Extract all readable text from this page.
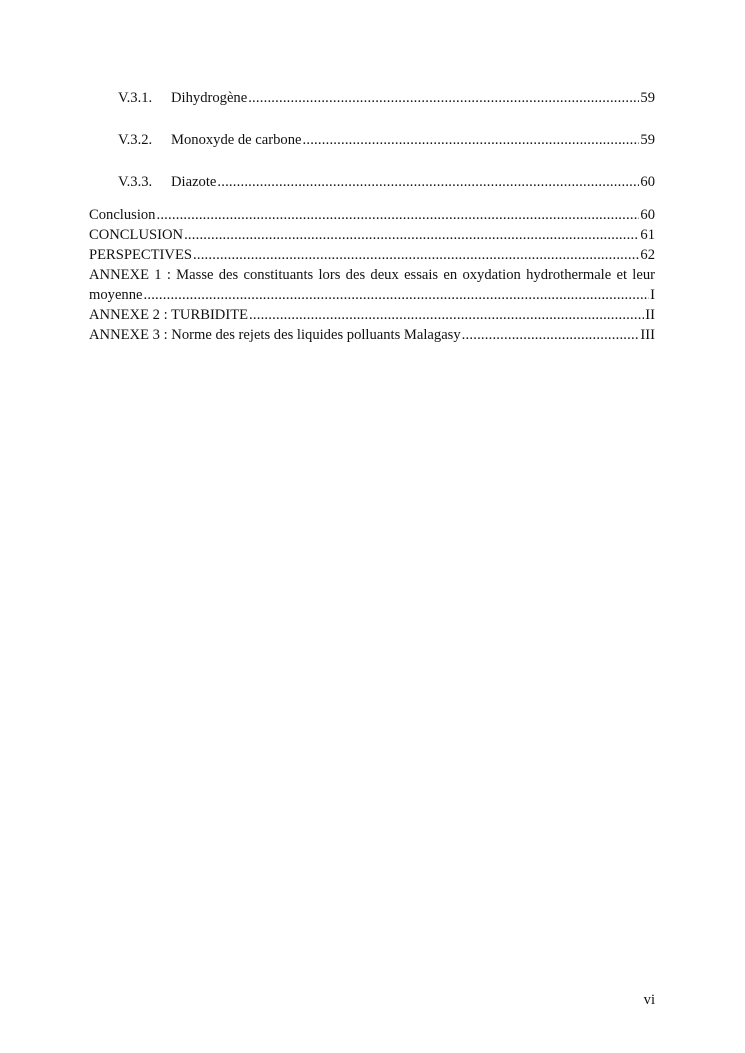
V.3.1.	Dihydrogène .....	59
V.3.2.	Monoxyde de carbone .....	59
V.3.3.	Diazote .....	60
Conclusion .....	60
CONCLUSION .....	61
PERSPECTIVES .....	62
ANNEXE 1 : Masse des constituants lors des deux essais en oxydation hydrothermale et leur
moyenne .....	I
ANNEXE 2 : TURBIDITE .....	II
ANNEXE 3 : Norme des rejets des liquides polluants Malagasy .....	III
vi
